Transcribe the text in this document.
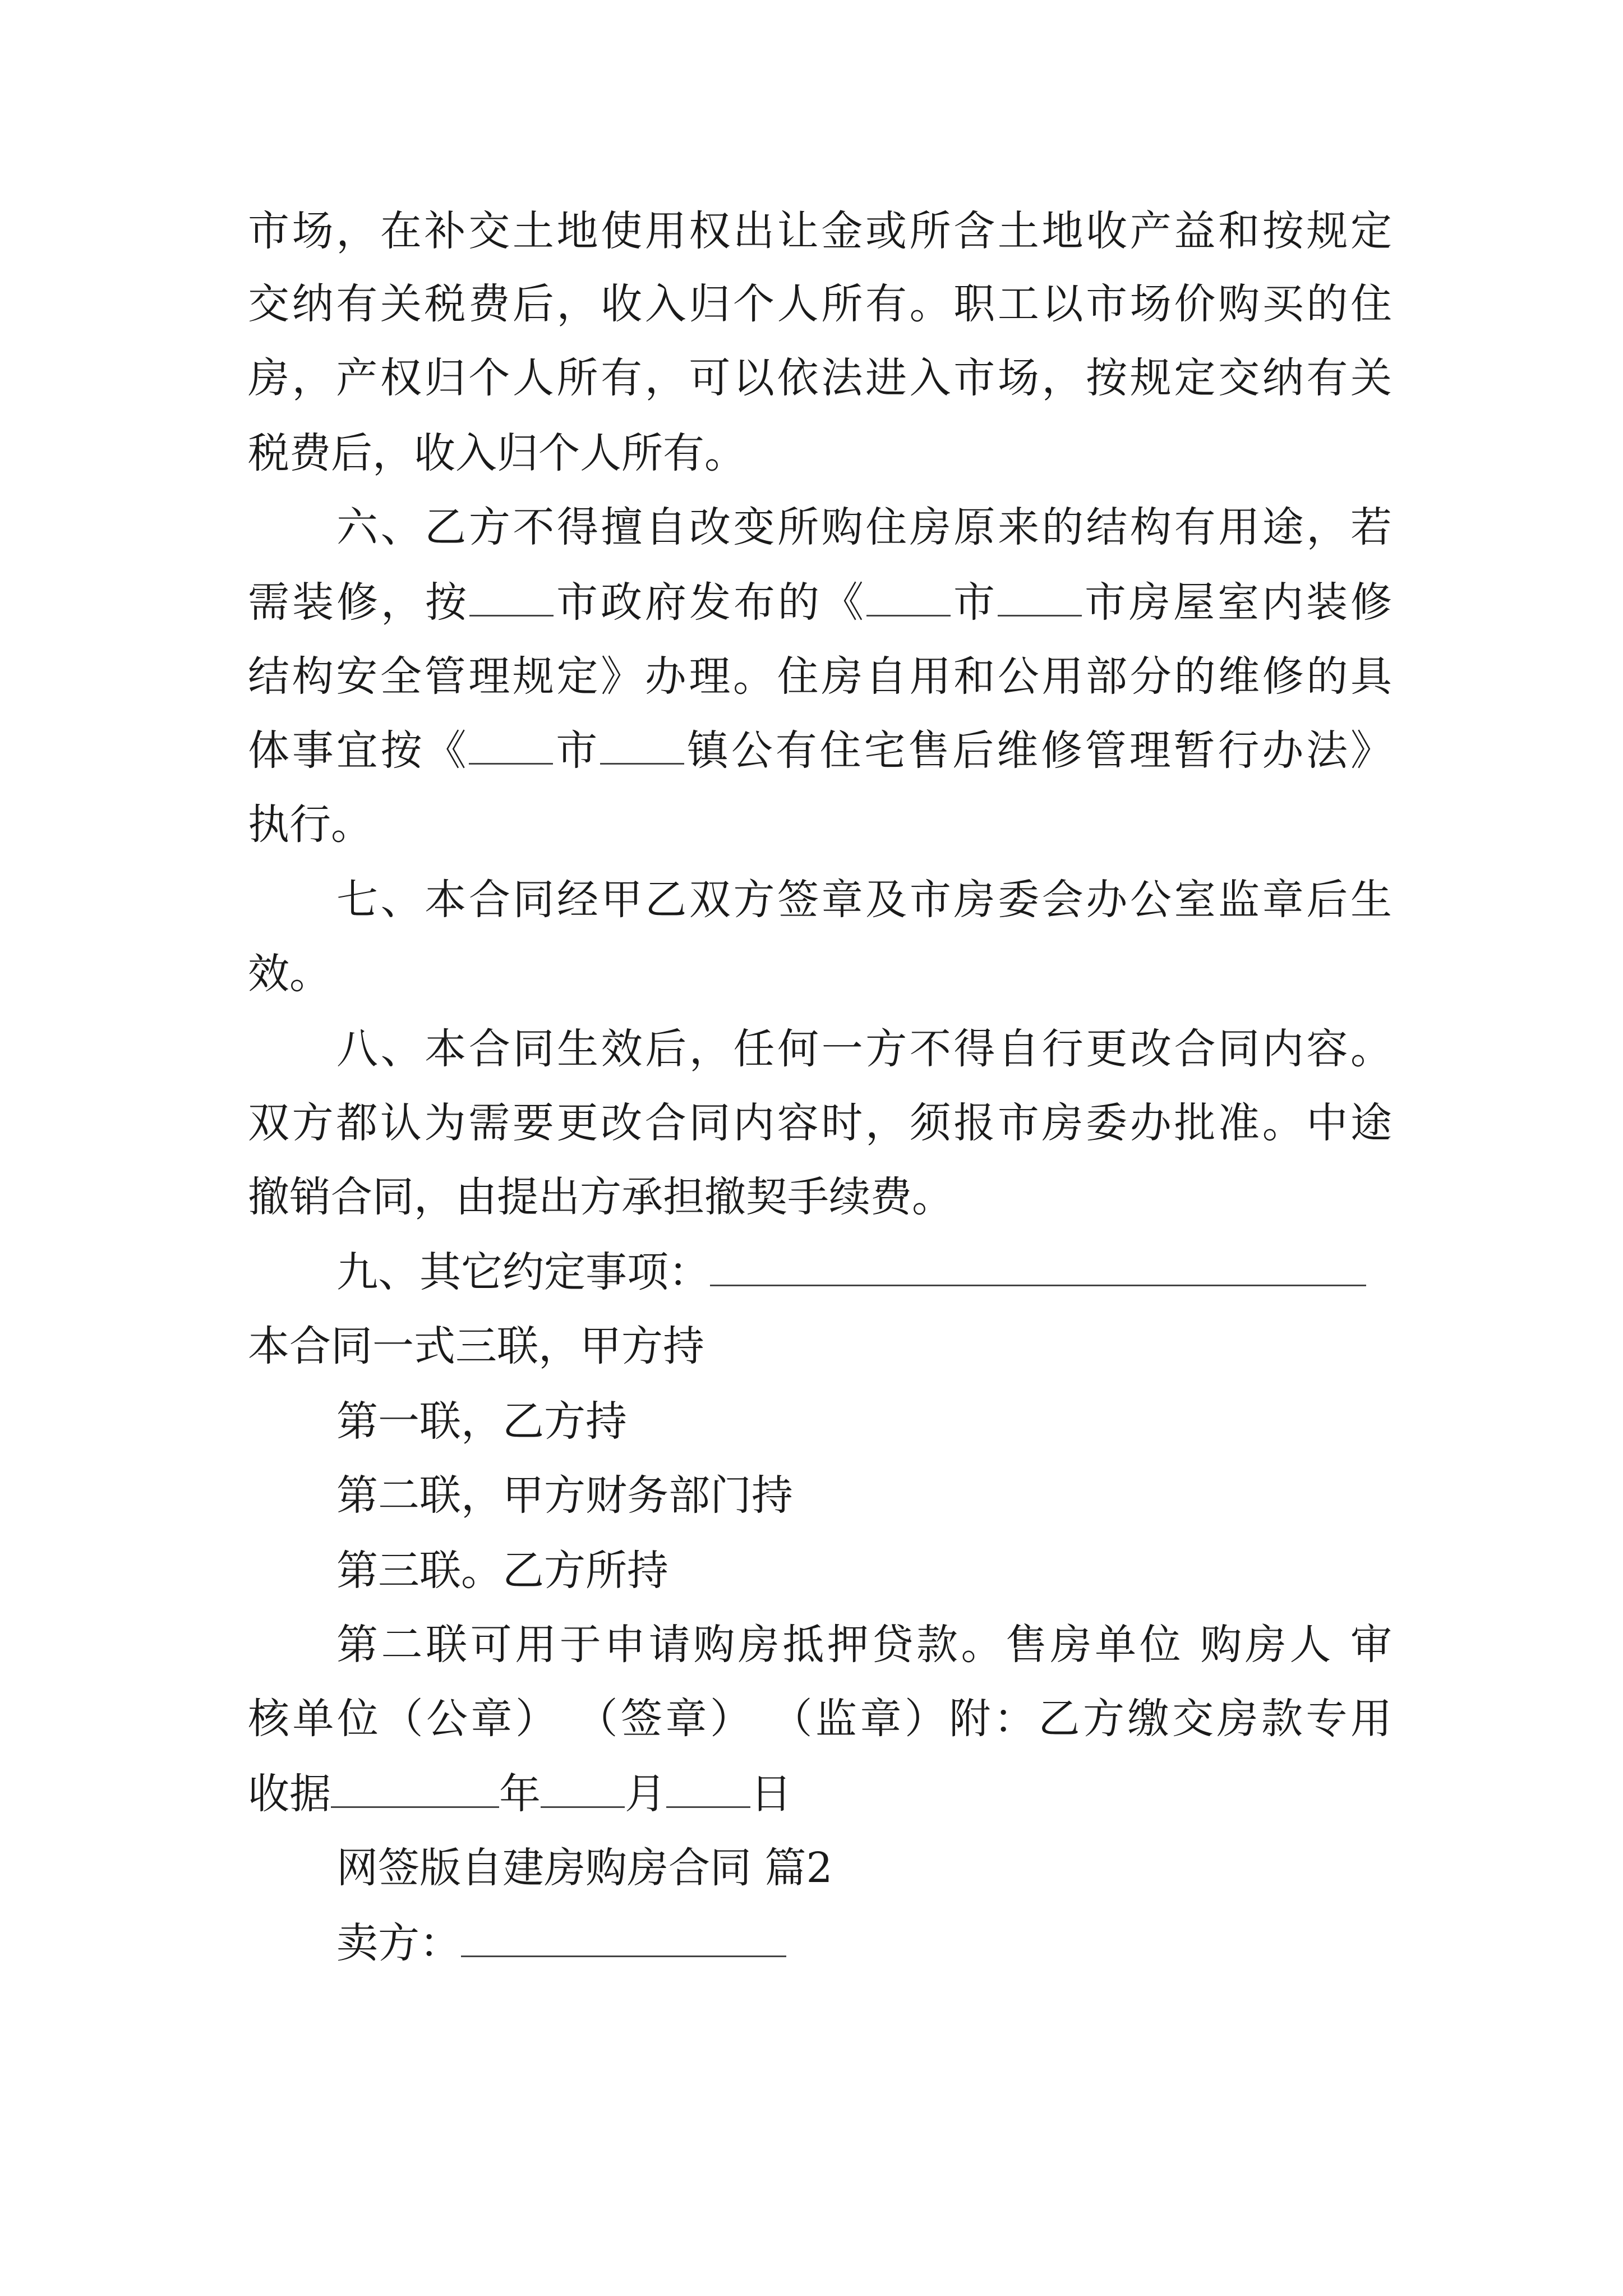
市场，在补交土地使用权出让金或所含土地收产益和按规定
交纳有关税费后，收入归个人所有。职工以市场价购买的住
房，产权归个人所有，可以依法进入市场，按规定交纳有关
税费后，收入归个人所有。
六、乙方不得擅自改变所购住房原来的结构有用途，若
需装修，按 市政府发布的《 市 市房屋室内装修
结构安全管理规定》办理。住房自用和公用部分的维修的具
体事宜按《 市 镇公有住宅售后维修管理暂行办法》
执行。
七、本合同经甲乙双方签章及市房委会办公室监章后生
效。
八、本合同生效后，任何一方不得自行更改合同内容。
双方都认为需要更改合同内容时，须报市房委办批准。中途
撤销合同，由提出方承担撤契手续费。
九、其它约定事项：
本合同一式三联，甲方持
第一联，乙方持
第二联，甲方财务部门持
第三联。乙方所持
第二联可用于申请购房抵押贷款。售房单位 购房人 审
核单位（公章） （签章） （监章）附：乙方缴交房款专用
收据	年 月 日
网签版自建房购房合同 篇2
卖方：
